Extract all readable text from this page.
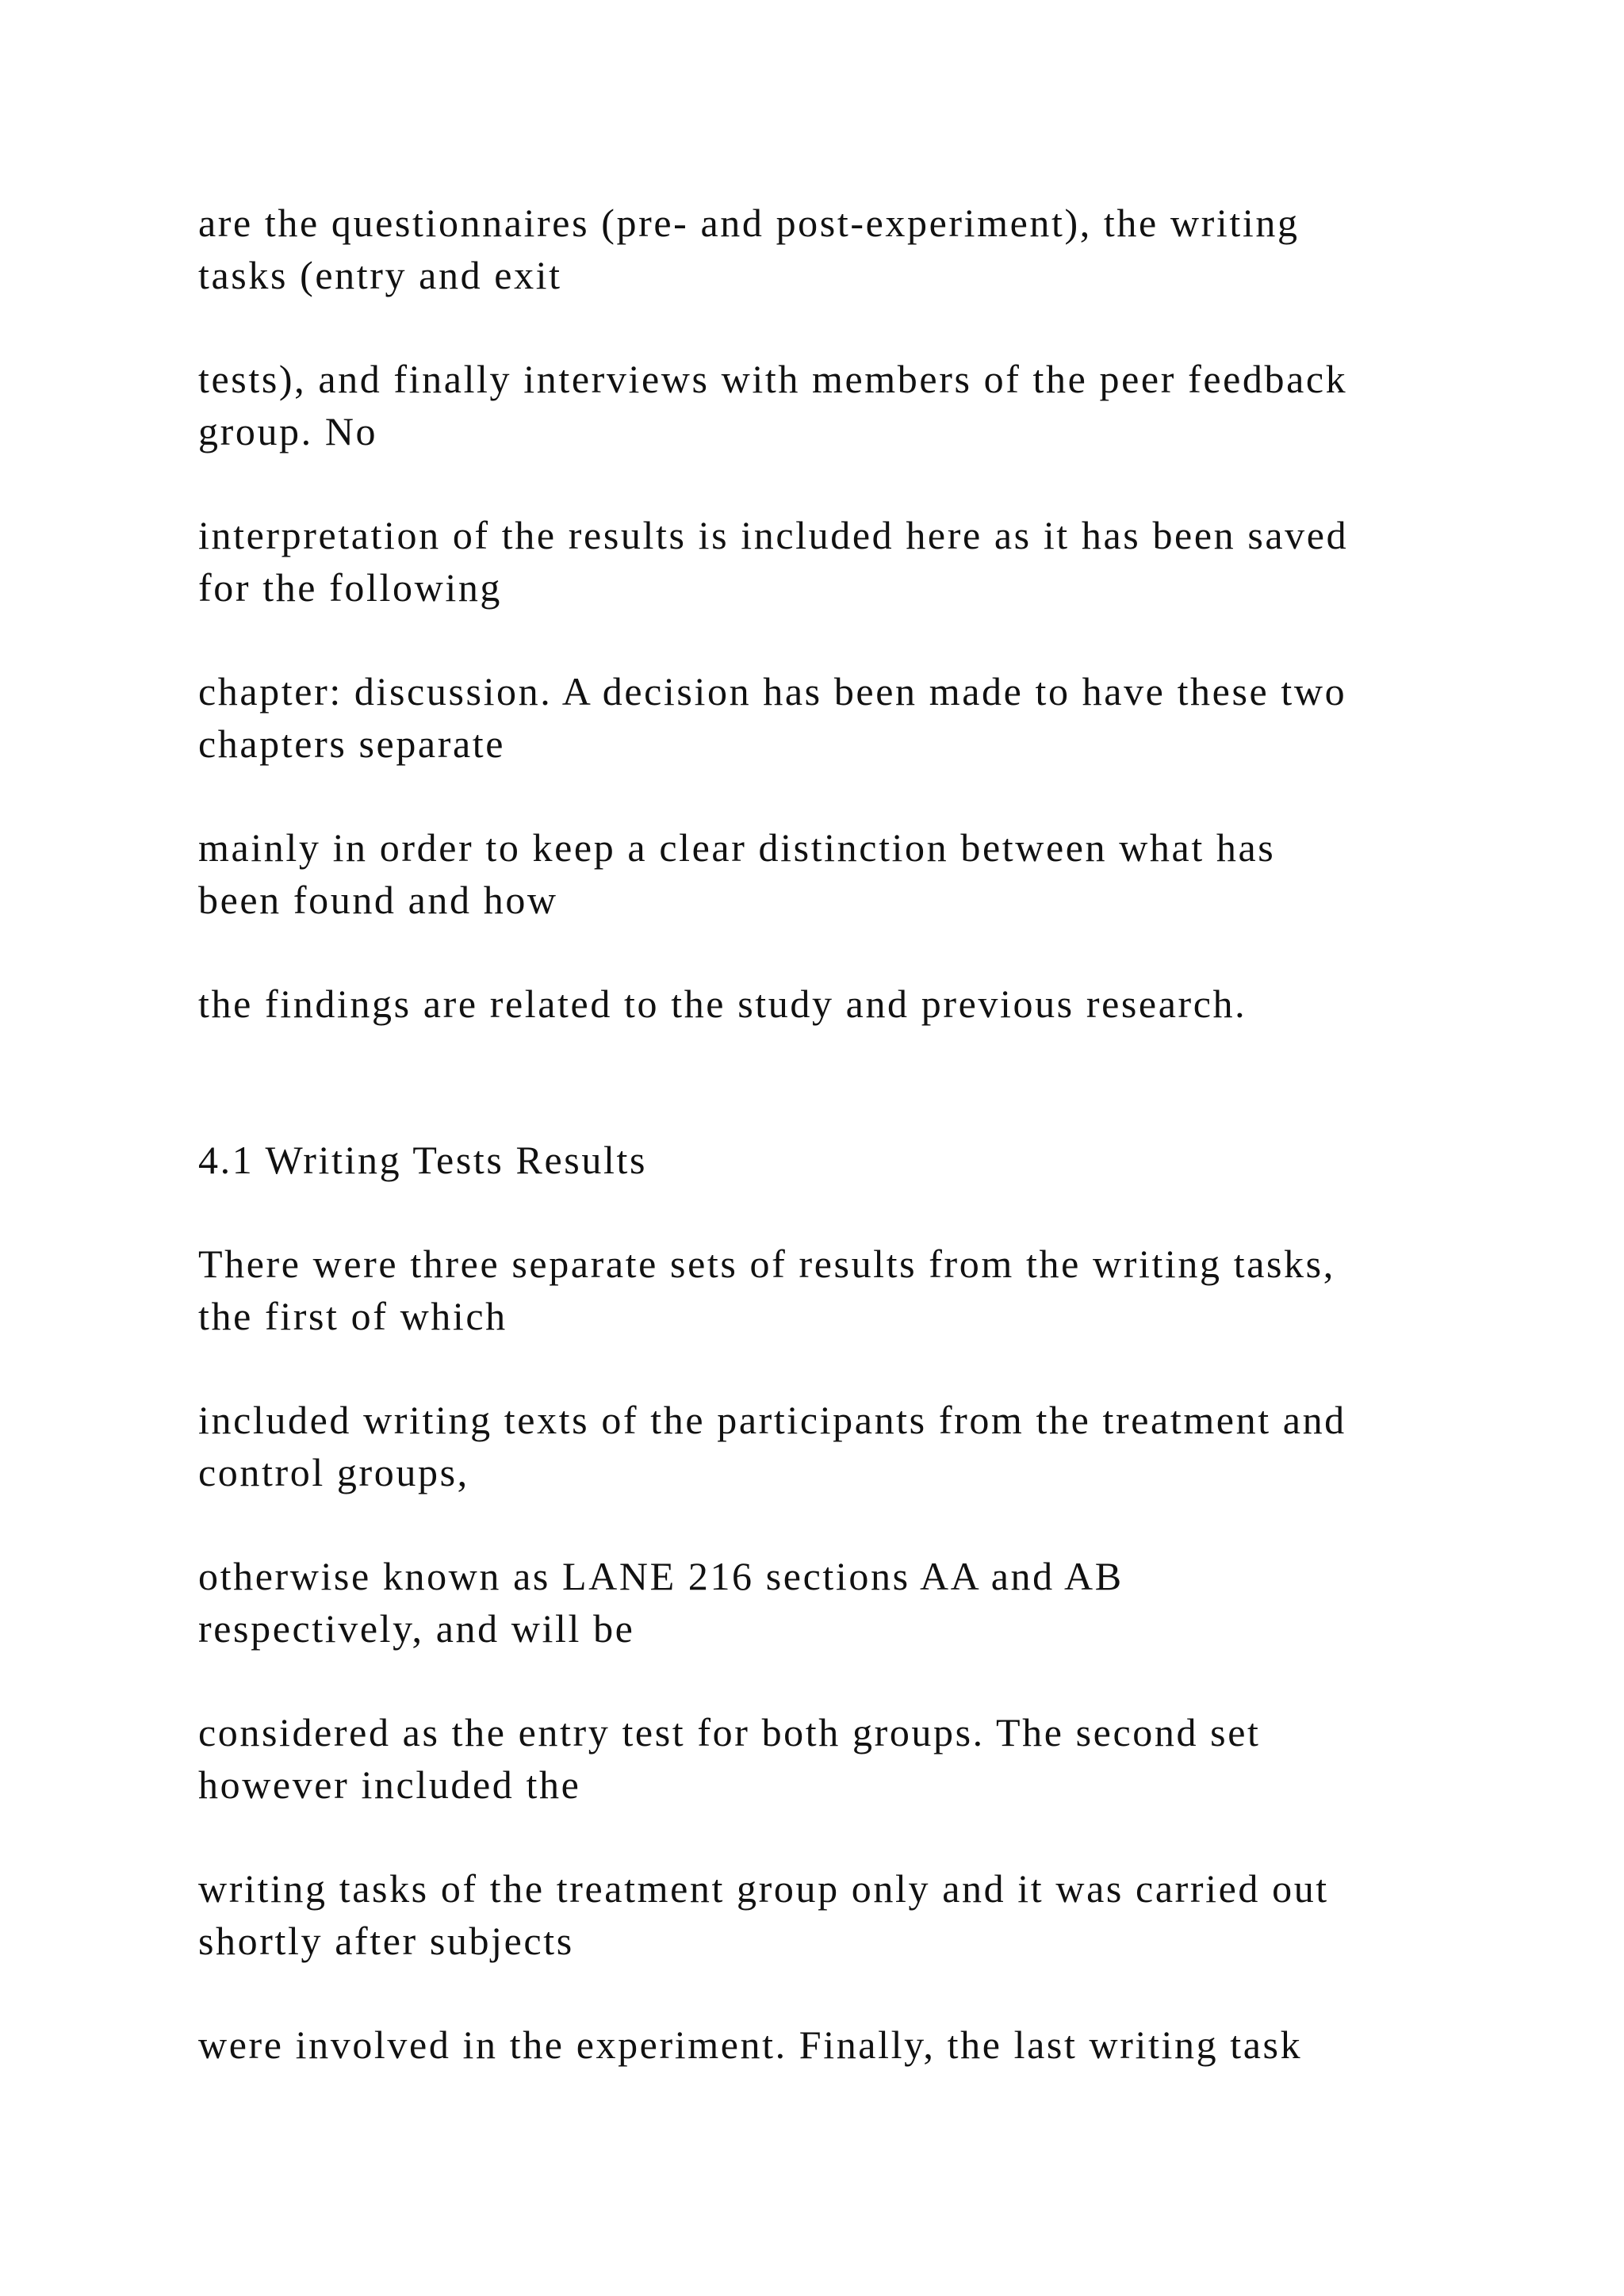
are the questionnaires (pre- and post-experiment), the writing
tasks (entry and exit

tests), and finally interviews with members of the peer feedback
group. No

interpretation of the results is included here as it has been saved
for the following

chapter: discussion. A decision has been made to have these two
chapters separate

mainly in order to keep a clear distinction between what has
been found and how

the findings are related to the study and previous research.

4.1 Writing Tests Results

There were three separate sets of results from the writing tasks,
the first of which

included writing texts of the participants from the treatment and
control groups,

otherwise known as LANE 216 sections AA and AB
respectively, and will be

considered as the entry test for both groups. The second set
however included the

writing tasks of the treatment group only and it was carried out
shortly after subjects

were involved in the experiment. Finally, the last writing task
